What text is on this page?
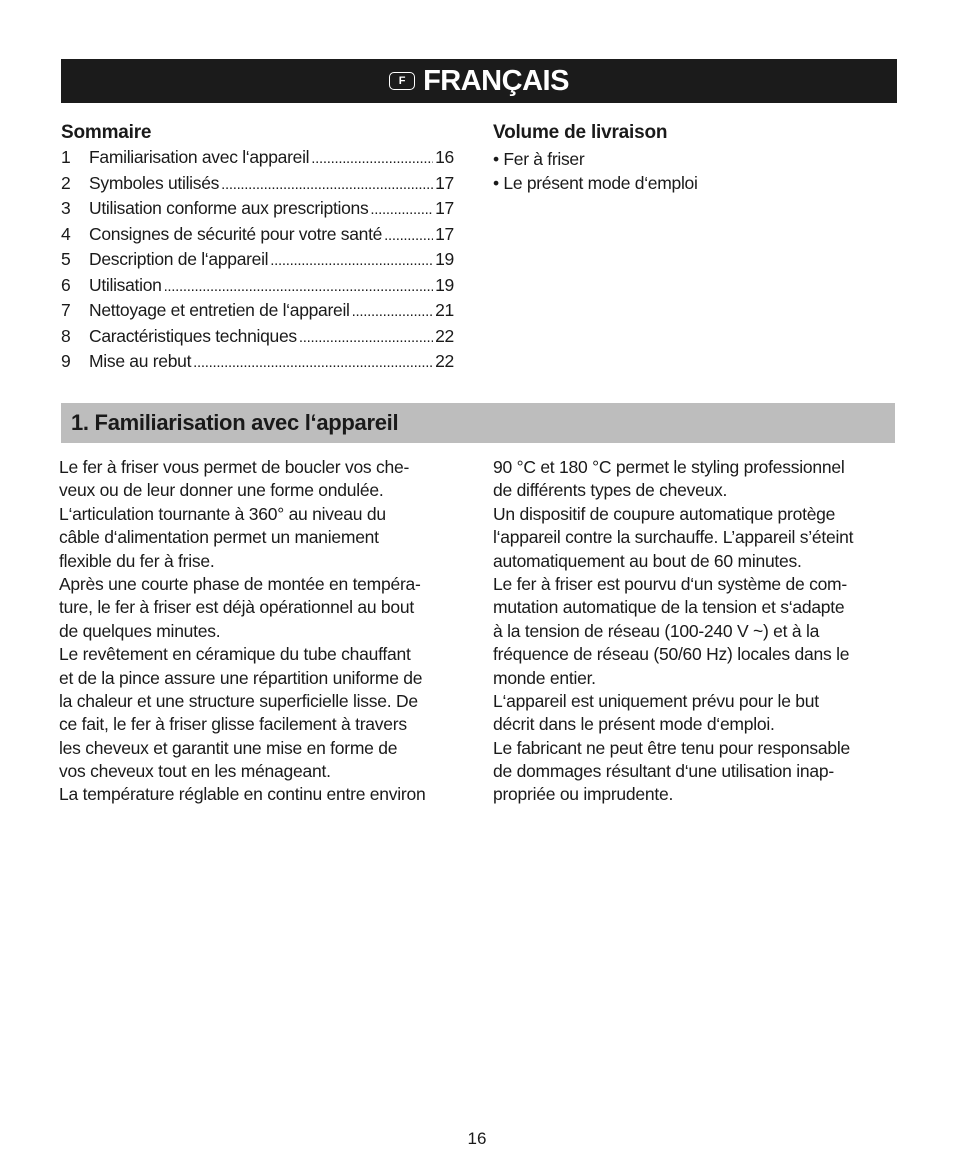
F FRANÇAIS
Sommaire
1	Familiarisation avec l‘appareil .....	16
2	Symboles utilisés .....	17
3	Utilisation conforme aux prescriptions .....	17
4	Consignes de sécurité pour votre santé .....	17
5	Description de l‘appareil .....	19
6	Utilisation .....	19
7	Nettoyage et entretien de l‘appareil .....	21
8	Caractéristiques techniques .....	22
9	Mise au rebut .....	22
Volume de livraison
• Fer à friser
• Le présent mode d‘emploi
1. Familiarisation avec l‘appareil
Le fer à friser vous permet de boucler vos che-
veux ou de leur donner une forme ondulée.
L‘articulation tournante à 360° au niveau du
câble d‘alimentation permet un maniement
flexible du fer à frise.
Après une courte phase de montée en tempéra-
ture, le fer à friser est déjà opérationnel au bout
de quelques minutes.
Le revêtement en céramique du tube chauffant
et de la pince assure une répartition uniforme de
la chaleur et une structure superficielle lisse. De
ce fait, le fer à friser glisse facilement à travers
les cheveux et garantit une mise en forme de
vos cheveux tout en les ménageant.
La température réglable en continu entre environ
90 °C et 180 °C permet le styling professionnel
de différents types de cheveux.
Un dispositif de coupure automatique protège
l‘appareil contre la surchauffe. L’appareil s’éteint
automatiquement au bout de 60 minutes.
Le fer à friser est pourvu d‘un système de com-
mutation automatique de la tension et s‘adapte
à la tension de réseau (100-240 V ~) et à la
fréquence de réseau (50/60 Hz) locales dans le
monde entier.
L‘appareil est uniquement prévu pour le but
décrit dans le présent mode d‘emploi.
Le fabricant ne peut être tenu pour responsable
de dommages résultant d‘une utilisation inap-
propriée ou imprudente.
16
